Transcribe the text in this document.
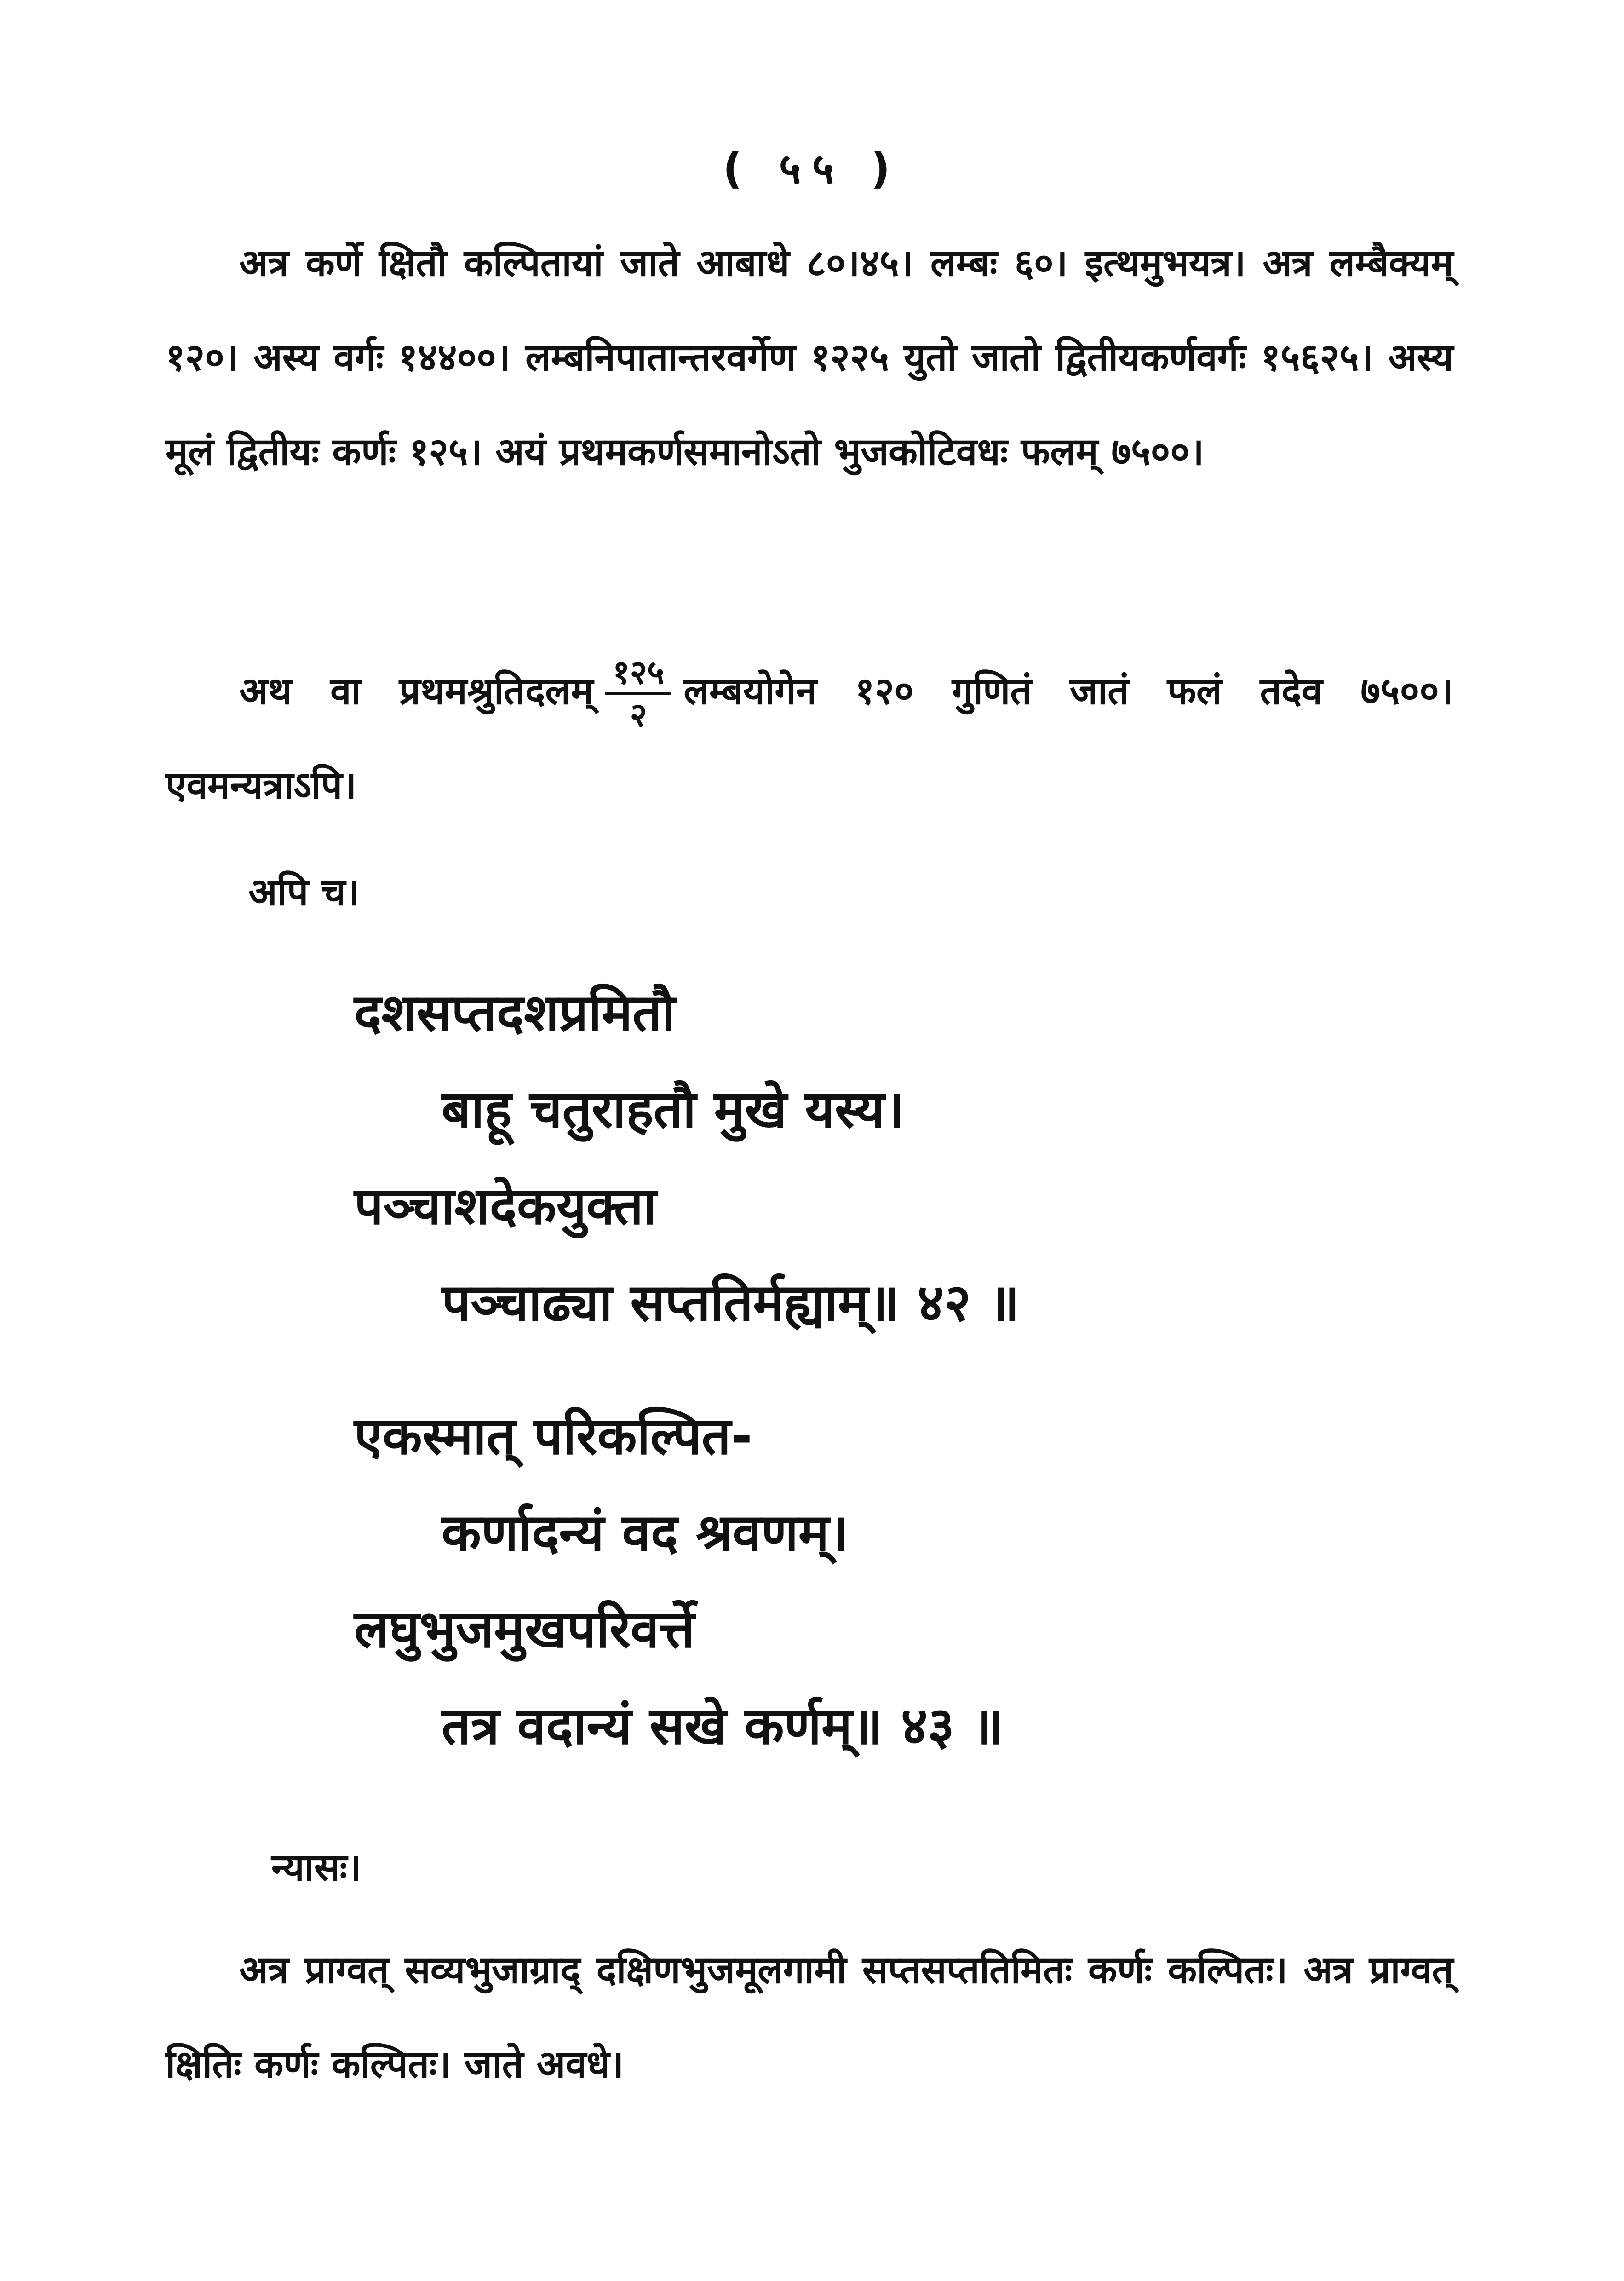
( ५५ )
अत्र कर्णे क्षितौ कल्पितायां जाते आबाधे ८०।४५। लम्बः ६०। इत्थमुभयत्र। अत्र लम्बैक्यम् १२०। अस्य वर्गः १४४००। लम्बनिपातान्तरवर्गेण १२२५ युतो जातो द्वितीयकर्णवर्गः १५६२५। अस्य मूलं द्वितीयः कर्णः १२५। अयं प्रथमकर्णसमानोऽतो भुजकोटिवधः फलम् ७५००।
अथ वा प्रथमश्रुतिदलम् $\frac{१२५}{२}$ लम्बयोगेन १२० गुणितं जातं फलं तदेव ७५००। एवमन्यत्राऽपि।
अपि च।
दशसप्तदशप्रमितौ
बाहू चतुराहतौ मुखे यस्य।
पञ्चाशदेकयुक्ता
पञ्चाढ्या सप्ततिर्मह्याम्॥ ४२ ॥
एकस्मात् परिकल्पित-
कर्णादन्यं वद श्रवणम्।
लघुभुजमुखपरिवर्त्ते
तत्र वदान्यं सखे कर्णम्॥ ४३ ॥
न्यासः।
अत्र प्राग्वत् सव्यभुजाग्राद् दक्षिणभुजमूलगामी सप्तसप्ततिमितः कर्णः कल्पितः। अत्र प्राग्वत् क्षितिः कर्णः कल्पितः। जाते अवधे।
